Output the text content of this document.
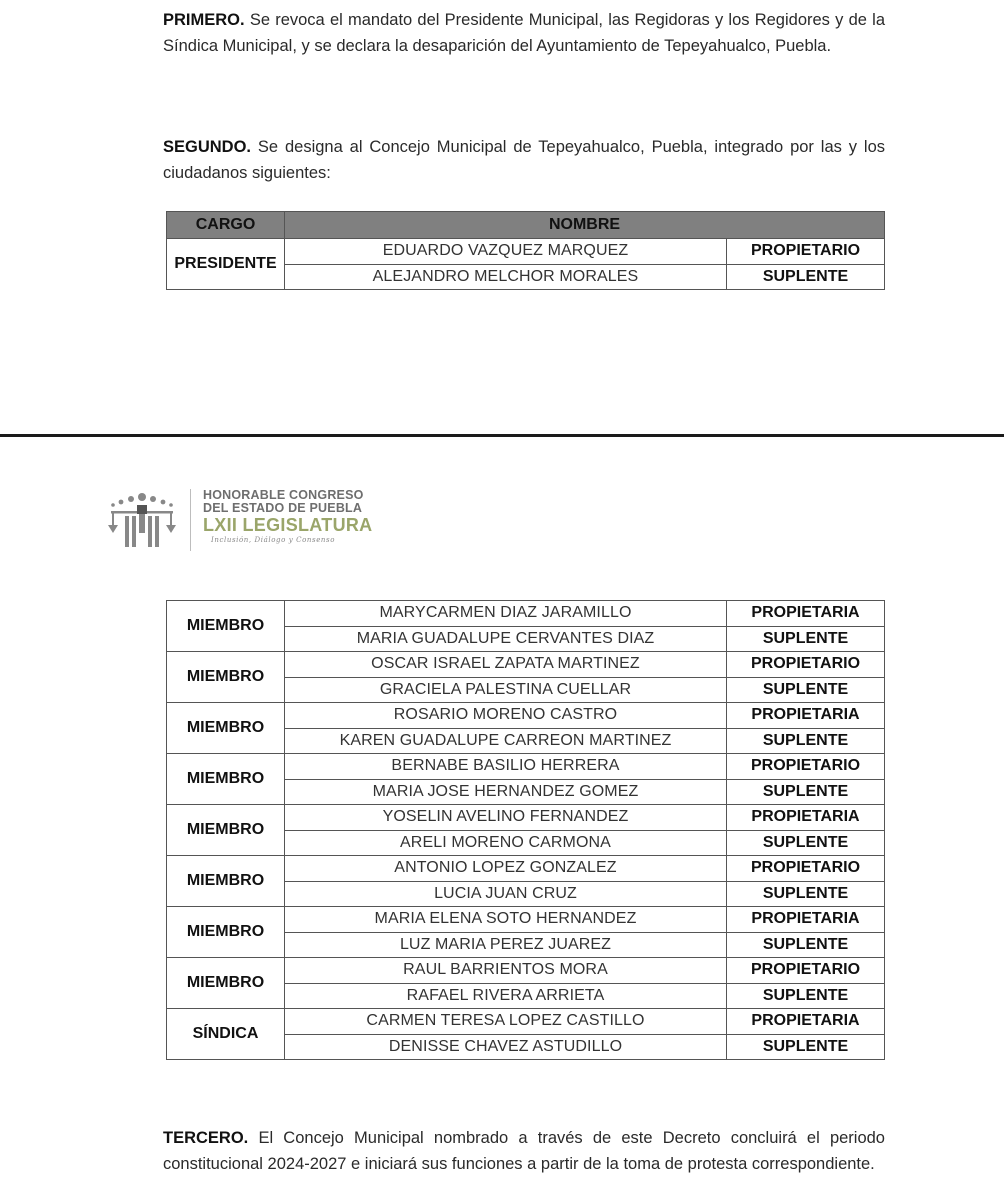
PRIMERO. Se revoca el mandato del Presidente Municipal, las Regidoras y los Regidores y de la Síndica Municipal, y se declara la desaparición del Ayuntamiento de Tepeyahualco, Puebla.

SEGUNDO. Se designa al Concejo Municipal de Tepeyahualco, Puebla, integrado por las y los ciudadanos siguientes:

CARGO	NOMBRE	
PRESIDENTE	EDUARDO VAZQUEZ MARQUEZ	PROPIETARIO
	ALEJANDRO MELCHOR MORALES	SUPLENTE
HONORABLE CONGRESO
DEL ESTADO DE PUEBLA
LXII LEGISLATURA
Inclusión, Diálogo y Consenso
MIEMBRO	MARYCARMEN DIAZ JARAMILLO	PROPIETARIA
	MARIA GUADALUPE CERVANTES DIAZ	SUPLENTE
MIEMBRO	OSCAR ISRAEL ZAPATA MARTINEZ	PROPIETARIO
	GRACIELA PALESTINA CUELLAR	SUPLENTE
MIEMBRO	ROSARIO MORENO CASTRO	PROPIETARIA
	KAREN GUADALUPE CARREON MARTINEZ	SUPLENTE
MIEMBRO	BERNABE BASILIO HERRERA	PROPIETARIO
	MARIA JOSE HERNANDEZ GOMEZ	SUPLENTE
MIEMBRO	YOSELIN AVELINO FERNANDEZ	PROPIETARIA
	ARELI MORENO CARMONA	SUPLENTE
MIEMBRO	ANTONIO LOPEZ GONZALEZ	PROPIETARIO
	LUCIA JUAN CRUZ	SUPLENTE
MIEMBRO	MARIA ELENA SOTO HERNANDEZ	PROPIETARIA
	LUZ MARIA PEREZ JUAREZ	SUPLENTE
MIEMBRO	RAUL BARRIENTOS MORA	PROPIETARIO
	RAFAEL RIVERA ARRIETA	SUPLENTE
SÍNDICA	CARMEN TERESA LOPEZ CASTILLO	PROPIETARIA
	DENISSE CHAVEZ ASTUDILLO	SUPLENTE

TERCERO. El Concejo Municipal nombrado a través de este Decreto concluirá el periodo constitucional 2024-2027 e iniciará sus funciones a partir de la toma de protesta correspondiente.
